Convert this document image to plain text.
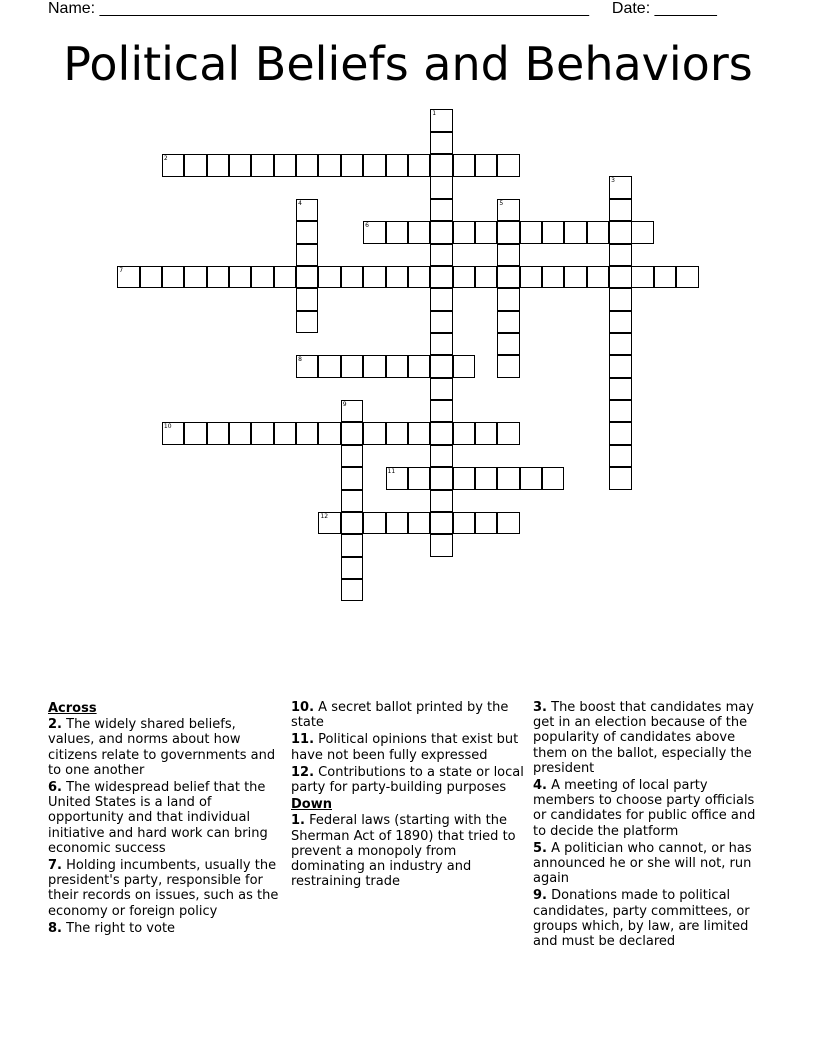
Name: _______________________________________________________ Date: _______
Political Beliefs and Behaviors
1
2
3
4	5
6
7
8
9
10
11
12
Across
2. The widely shared beliefs, values, and norms about how citizens relate to governments and to one another
6. The widespread belief that the United States is a land of opportunity and that individual initiative and hard work can bring economic success
7. Holding incumbents, usually the president's party, responsible for their records on issues, such as the economy or foreign policy
8. The right to vote
10. A secret ballot printed by the state
11. Political opinions that exist but have not been fully expressed
12. Contributions to a state or local party for party-building purposes
Down
1. Federal laws (starting with the Sherman Act of 1890) that tried to prevent a monopoly from dominating an industry and restraining trade
3. The boost that candidates may get in an election because of the popularity of candidates above them on the ballot, especially the president
4. A meeting of local party members to choose party officials or candidates for public office and to decide the platform
5. A politician who cannot, or has announced he or she will not, run again
9. Donations made to political candidates, party committees, or groups which, by law, are limited and must be declared
